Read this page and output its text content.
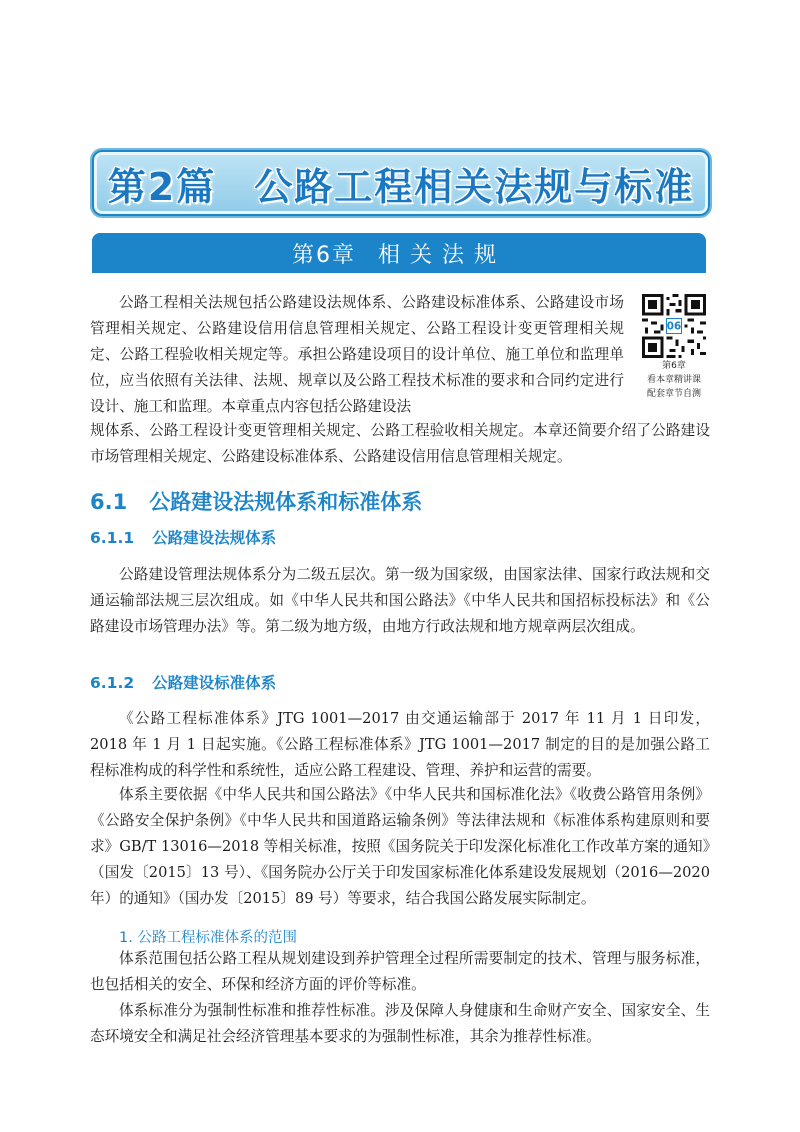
第2篇 公路工程相关法规与标准
第6章 相关法规

公路工程相关法规包括公路建设法规体系、公路建设标准体系、公路建设市场管理相关规定、公路建设信用信息管理相关规定、公路工程设计变更管理相关规定、公路工程验收相关规定等。承担公路建设项目的设计单位、施工单位和监理单位，应当依照有关法律、法规、规章以及公路工程技术标准的要求和合同约定进行设计、施工和监理。本章重点内容包括公路建设法

规体系、公路工程设计变更管理相关规定、公路工程验收相关规定。本章还简要介绍了公路建设市场管理相关规定、公路建设标准体系、公路建设信用信息管理相关规定。

06
第6章
看本章精讲课
配套章节自测
6.1 公路建设法规体系和标准体系
6.1.1 公路建设法规体系

公路建设管理法规体系分为二级五层次。第一级为国家级，由国家法律、国家行政法规和交通运输部法规三层次组成。如《中华人民共和国公路法》《中华人民共和国招标投标法》和《公路建设市场管理办法》等。第二级为地方级，由地方行政法规和地方规章两层次组成。

6.1.2 公路建设标准体系

《公路工程标准体系》JTG 1001—2017 由交通运输部于 2017 年 11 月 1 日印发，2018 年 1 月 1 日起实施。《公路工程标准体系》JTG 1001—2017 制定的目的是加强公路工程标准构成的科学性和系统性，适应公路工程建设、管理、养护和运营的需要。

体系主要依据《中华人民共和国公路法》《中华人民共和国标准化法》《收费公路管用条例》《公路安全保护条例》《中华人民共和国道路运输条例》等法律法规和《标准体系构建原则和要求》GB/T 13016—2018 等相关标准，按照《国务院关于印发深化标准化工作改革方案的通知》（国发〔2015〕13 号）、《国务院办公厅关于印发国家标准化体系建设发展规划（2016—2020 年）的通知》（国办发〔2015〕89 号）等要求，结合我国公路发展实际制定。

1. 公路工程标准体系的范围

体系范围包括公路工程从规划建设到养护管理全过程所需要制定的技术、管理与服务标准，也包括相关的安全、环保和经济方面的评价等标准。

体系标准分为强制性标准和推荐性标准。涉及保障人身健康和生命财产安全、国家安全、生态环境安全和满足社会经济管理基本要求的为强制性标准，其余为推荐性标准。
